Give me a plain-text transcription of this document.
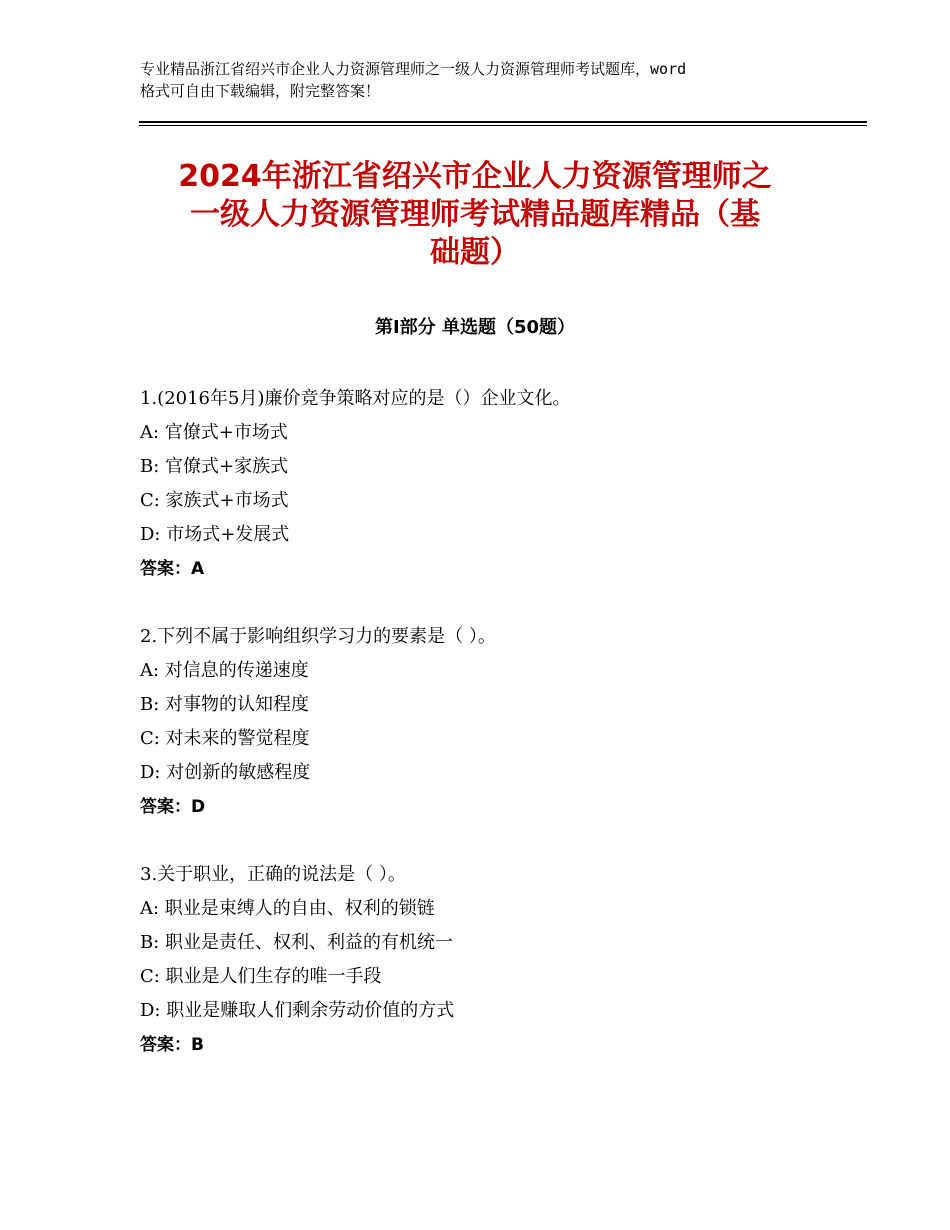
专业精品浙江省绍兴市企业人力资源管理师之一级人力资源管理师考试题库，word
格式可自由下载编辑，附完整答案！
2024年浙江省绍兴市企业人力资源管理师之
一级人力资源管理师考试精品题库精品（基
础题）
第Ⅰ部分 单选题（50题）
1.(2016年5月)廉价竞争策略对应的是（）企业文化。
A: 官僚式+市场式
B: 官僚式+家族式
C: 家族式+市场式
D: 市场式+发展式
答案：A
2.下列不属于影响组织学习力的要素是（ ）。
A: 对信息的传递速度
B: 对事物的认知程度
C: 对未来的警觉程度
D: 对创新的敏感程度
答案：D
3.关于职业，正确的说法是（ ）。
A: 职业是束缚人的自由、权利的锁链
B: 职业是责任、权利、利益的有机统一
C: 职业是人们生存的唯一手段
D: 职业是赚取人们剩余劳动价值的方式
答案：B
